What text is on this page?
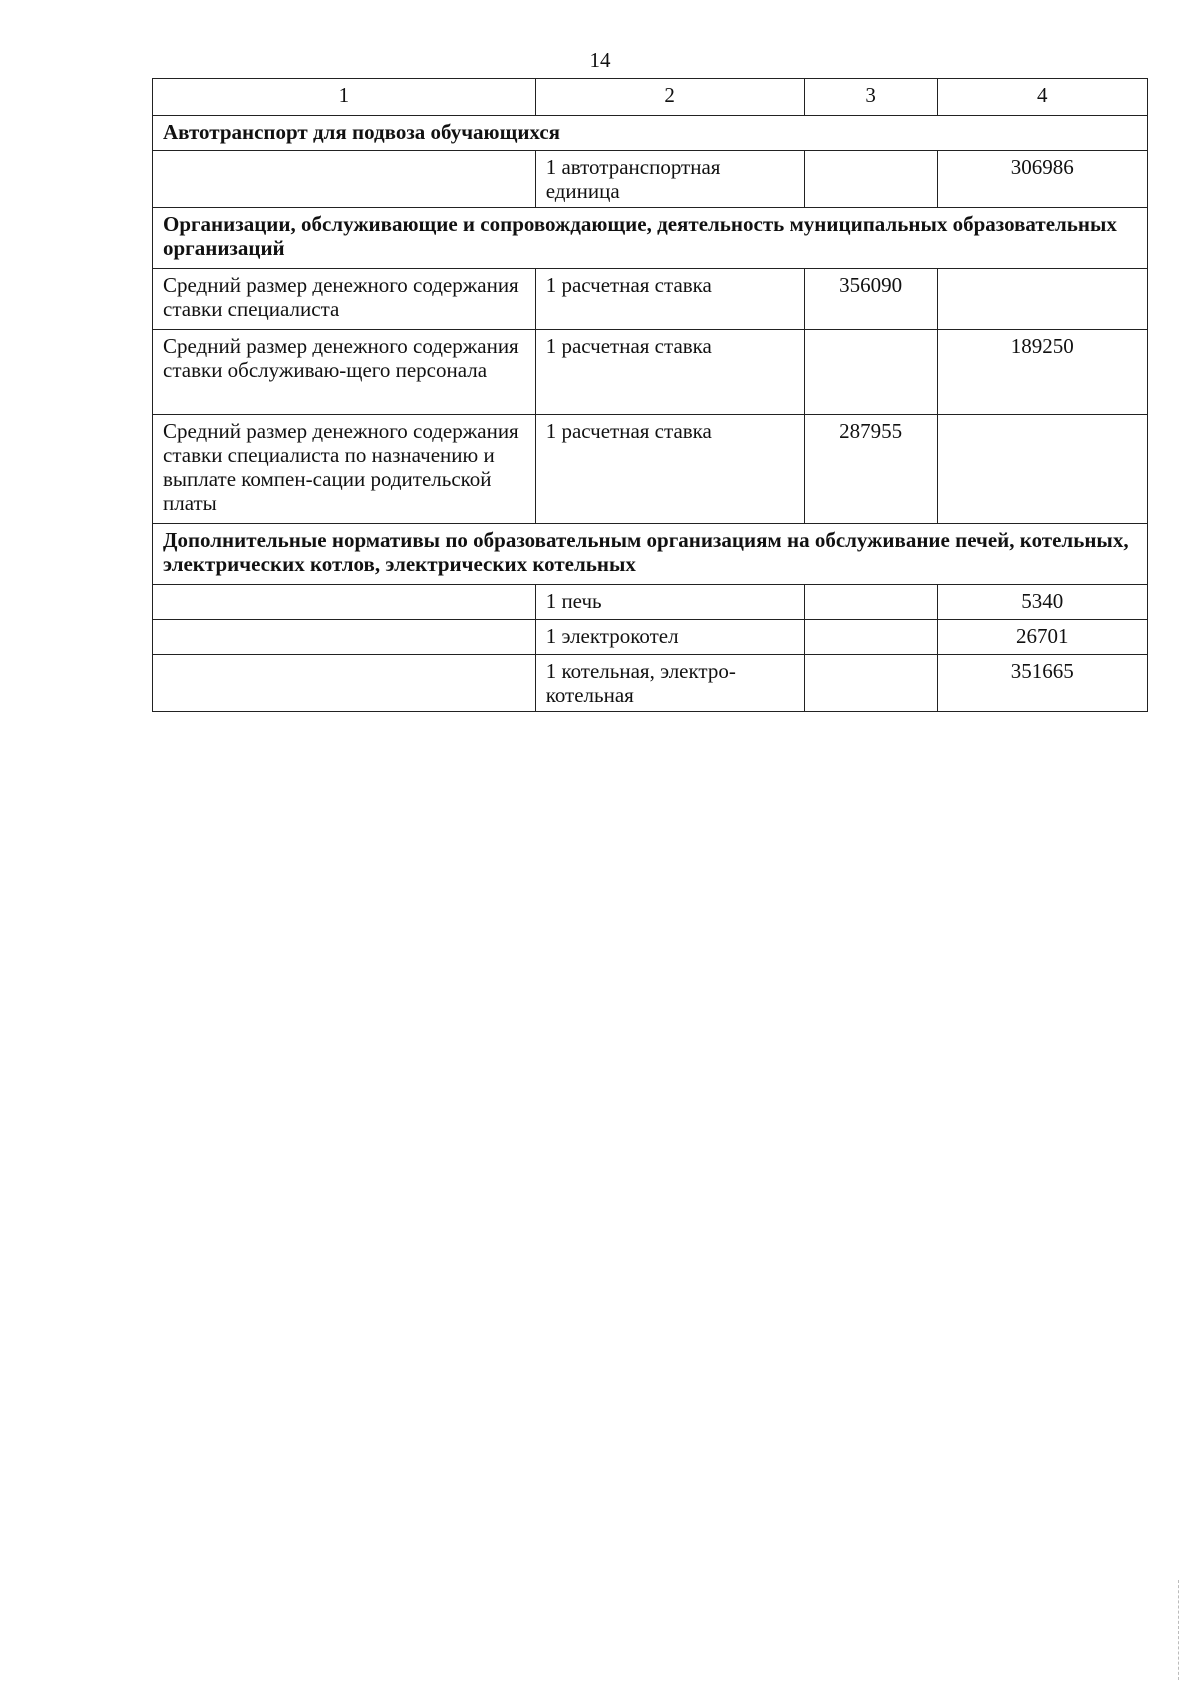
14
1	2	3	4
Автотранспорт для подвоза обучающихся			
	1 автотранспортная единица		306986
Организации, обслуживающие и сопровождающие, деятельность муниципальных образовательных организаций			
Средний размер денежного содержания ставки специалиста	1 расчетная ставка	356090	
Средний размер денежного содержания ставки обслуживаю-щего персонала	1 расчетная ставка		189250
Средний размер денежного содержания ставки специалиста по назначению и выплате компен-сации родительской платы	1 расчетная ставка	287955	
Дополнительные нормативы по образовательным организациям на обслуживание печей, котельных, электрических котлов, электрических котельных			
	1 печь		5340
	1 электрокотел		26701
	1 котельная, электро-котельная		351665
